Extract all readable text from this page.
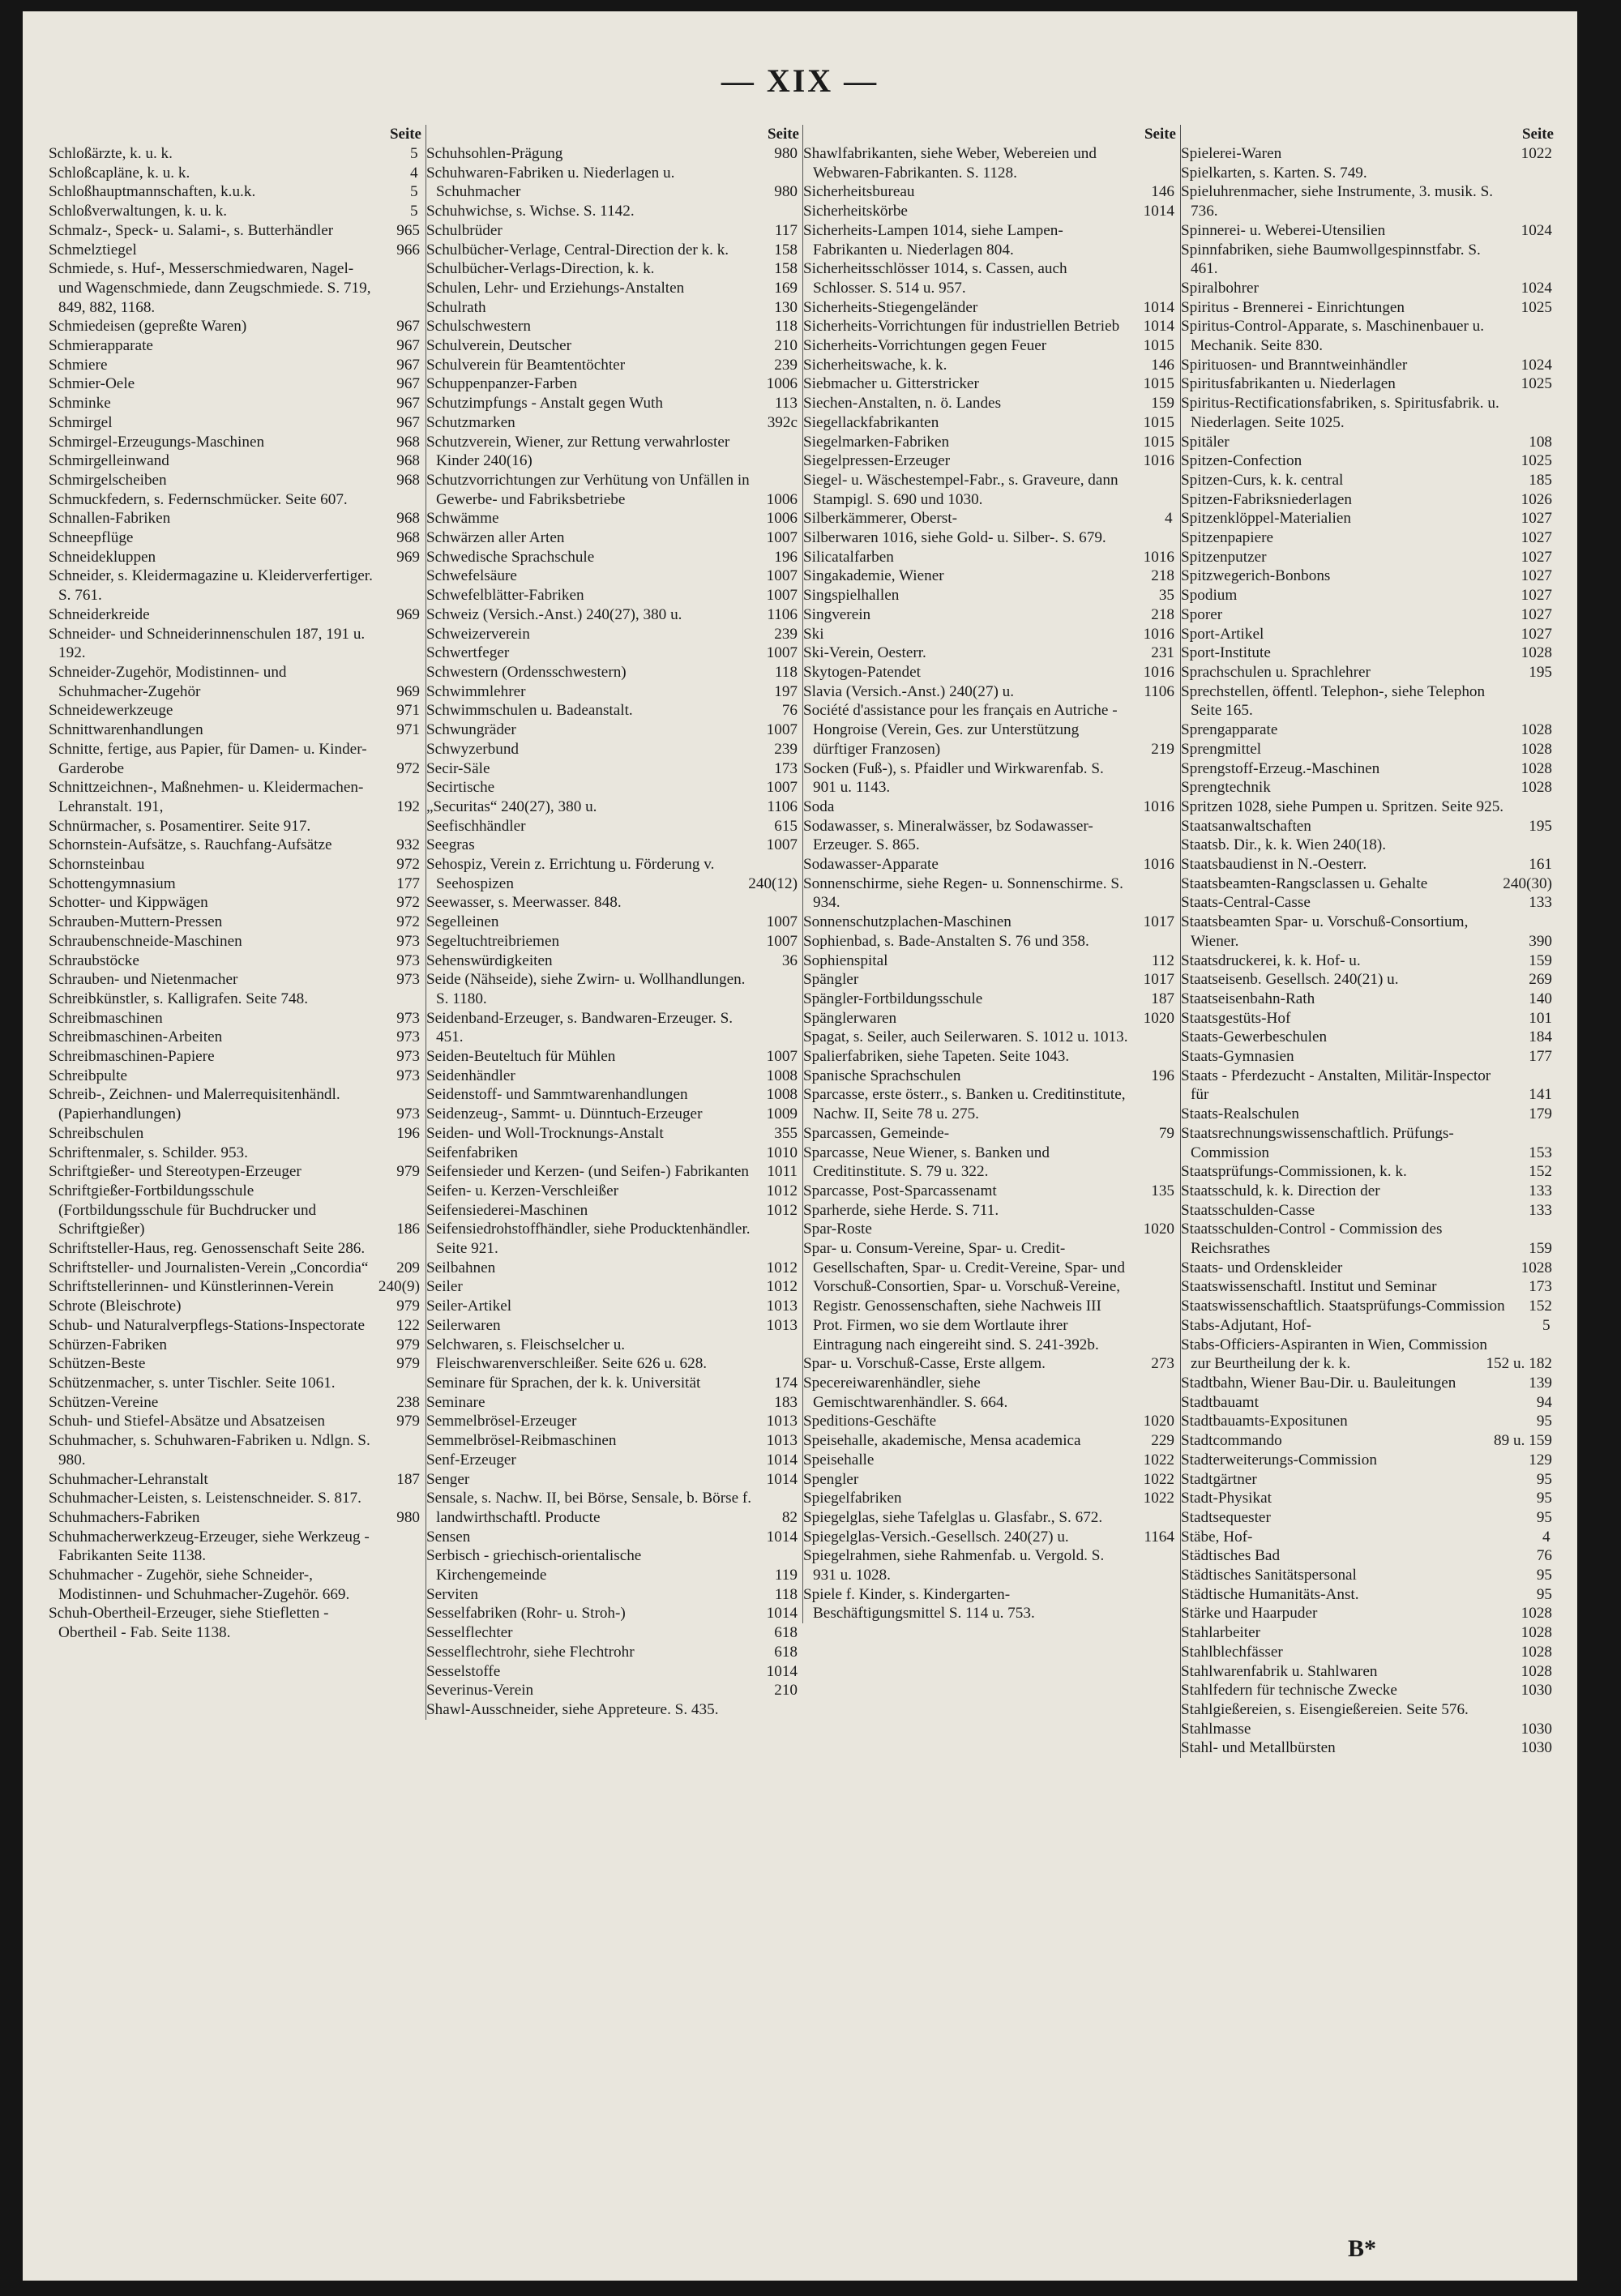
— XIX —
Seite
Schloßärzte, k. u. k.	5
Schloßcapläne, k. u. k.	4
Schloßhauptmannschaften, k.u.k.	5
Schloßverwaltungen, k. u. k.	5
Schmalz-, Speck- u. Salami-, s. Butterhändler	965
Schmelztiegel	966
Schmiede, s. Huf-, Messerschmiedwaren, Nagel- und Wagenschmiede, dann Zeugschmiede. S. 719, 849, 882, 1168.
Schmiedeisen (gepreßte Waren)	967
Schmierapparate	967
Schmiere	967
Schmier-Oele	967
Schminke	967
Schmirgel	967
Schmirgel-Erzeugungs-Maschinen	968
Schmirgelleinwand	968
Schmirgelscheiben	968
Schmuckfedern, s. Federnschmücker. Seite 607.
Schnallen-Fabriken	968
Schneepflüge	968
Schneidekluppen	969
Schneider, s. Kleidermagazine u. Kleiderverfertiger. S. 761.
Schneiderkreide	969
Schneider- und Schneiderinnenschulen 187, 191 u. 192.
Schneider-Zugehör, Modistinnen- und Schuhmacher-Zugehör	969
Schneidewerkzeuge	971
Schnittwarenhandlungen	971
Schnitte, fertige, aus Papier, für Damen- u. Kinder-Garderobe	972
Schnittzeichnen-, Maßnehmen- u. Kleidermachen-Lehranstalt. 191,	192
Schnürmacher, s. Posamentirer. Seite 917.
Schornstein-Aufsätze, s. Rauchfang-Aufsätze	932
Schornsteinbau	972
Schottengymnasium	177
Schotter- und Kippwägen	972
Schrauben-Muttern-Pressen	972
Schraubenschneide-Maschinen	973
Schraubstöcke	973
Schrauben- und Nietenmacher	973
Schreibkünstler, s. Kalligrafen. Seite 748.
Schreibmaschinen	973
Schreibmaschinen-Arbeiten	973
Schreibmaschinen-Papiere	973
Schreibpulte	973
Schreib-, Zeichnen- und Malerrequisitenhändl. (Papierhandlungen)	973
Schreibschulen	196
Schriftenmaler, s. Schilder. 953.
Schriftgießer- und Stereotypen-Erzeuger	979
Schriftgießer-Fortbildungsschule (Fortbildungsschule für Buchdrucker und Schriftgießer)	186
Schriftsteller-Haus, reg. Genossenschaft Seite 286.
Schriftsteller- und Journalisten-Verein „Concordia“ 209
Schriftstellerinnen- und Künstlerinnen-Verein	240(9)
Schrote (Bleischrote)	979
Schub- und Naturalverpflegs-Stations-Inspectorate 122
Schürzen-Fabriken	979
Schützen-Beste	979
Schützenmacher, s. unter Tischler. Seite 1061.
Schützen-Vereine	238
Schuh- und Stiefel-Absätze und Absatzeisen	979
Schuhmacher, s. Schuhwaren-Fabriken u. Ndlgn. S. 980.
Schuhmacher-Lehranstalt	187
Schuhmacher-Leisten, s. Leistenschneider. S. 817.
Schuhmachers-Fabriken	980
Schuhmacherwerkzeug-Erzeuger, siehe Werkzeug - Fabrikanten Seite 1138.
Schuhmacher - Zugehör, siehe Schneider-, Modistinnen- und Schuhmacher-Zugehör. 669.
Schuh-Obertheil-Erzeuger, siehe Stiefletten - Obertheil - Fab. Seite 1138.
Seite
Schuhsohlen-Prägung	980
Schuhwaren-Fabriken u. Niederlagen u. Schuhmacher	980
Schuhwichse, s. Wichse. S. 1142.
Schulbrüder	117
Schulbücher-Verlage, Central-Direction der k. k.	158
Schulbücher-Verlags-Direction, k. k.	158
Schulen, Lehr- und Erziehungs-Anstalten	169
Schulrath	130
Schulschwestern	118
Schulverein, Deutscher	210
Schulverein für Beamtentöchter	239
Schuppenpanzer-Farben	1006
Schutzimpfungs - Anstalt gegen Wuth	113
Schutzmarken	392c
Schutzverein, Wiener, zur Rettung verwahrloster Kinder 240(16)
Schutzvorrichtungen zur Verhütung von Unfällen in Gewerbe- und Fabriksbetriebe	1006
Schwämme	1006
Schwärzen aller Arten	1007
Schwedische Sprachschule	196
Schwefelsäure	1007
Schwefelblätter-Fabriken	1007
Schweiz (Versich.-Anst.) 240(27), 380 u.	1106
Schweizerverein	239
Schwertfeger	1007
Schwestern (Ordensschwestern)	118
Schwimmlehrer	197
Schwimmschulen u. Badeanstalt.	76
Schwungräder	1007
Schwyzerbund	239
Secir-Säle	173
Secirtische	1007
„Securitas“ 240(27), 380 u.	1106
Seefischhändler	615
Seegras	1007
Sehospiz, Verein z. Errichtung u. Förderung v. Seehospizen	240(12)
Seewasser, s. Meerwasser. 848.
Segelleinen	1007
Segeltuchtreibriemen	1007
Sehenswürdigkeiten	36
Seide (Nähseide), siehe Zwirn- u. Wollhandlungen. S. 1180.
Seidenband-Erzeuger, s. Bandwaren-Erzeuger. S. 451.
Seiden-Beuteltuch für Mühlen	1007
Seidenhändler	1008
Seidenstoff- und Sammtwarenhandlungen	1008
Seidenzeug-, Sammt- u. Dünntuch-Erzeuger	1009
Seiden- und Woll-Trocknungs-Anstalt	355
Seifenfabriken	1010
Seifensieder und Kerzen- (und Seifen-) Fabrikanten 1011
Seifen- u. Kerzen-Verschleißer	1012
Seifensiederei-Maschinen	1012
Seifensiedrohstoffhändler, siehe Producktenhändler. Seite 921.
Seilbahnen	1012
Seiler	1012
Seiler-Artikel	1013
Seilerwaren	1013
Selchwaren, s. Fleischselcher u. Fleischwarenverschleißer. Seite 626 u. 628.
Seminare für Sprachen, der k. k. Universität	174
Seminare	183
Semmelbrösel-Erzeuger	1013
Semmelbrösel-Reibmaschinen	1013
Senf-Erzeuger	1014
Senger	1014
Sensale, s. Nachw. II, bei Börse, Sensale, b. Börse f. landwirthschaftl. Producte	82
Sensen	1014
Serbisch - griechisch-orientalische Kirchengemeinde	119
Serviten	118
Sesselfabriken (Rohr- u. Stroh-)	1014
Sesselflechter	618
Sesselflechtrohr, siehe Flechtrohr	618
Sesselstoffe	1014
Severinus-Verein	210
Shawl-Ausschneider, siehe Appreteure. S. 435.
Seite
Shawlfabrikanten, siehe Weber, Webereien und Webwaren-Fabrikanten. S. 1128.
Sicherheitsbureau	146
Sicherheitskörbe	1014
Sicherheits-Lampen 1014, siehe Lampen-Fabrikanten u. Niederlagen 804.
Sicherheitsschlösser 1014, s. Cassen, auch Schlosser. S. 514 u. 957.
Sicherheits-Stiegengeländer	1014
Sicherheits-Vorrichtungen für industriellen Betrieb 1014
Sicherheits-Vorrichtungen gegen Feuer	1015
Sicherheitswache, k. k.	146
Siebmacher u. Gitterstricker	1015
Siechen-Anstalten, n. ö. Landes	159
Siegellackfabrikanten	1015
Siegelmarken-Fabriken	1015
Siegelpressen-Erzeuger	1016
Siegel- u. Wäschestempel-Fabr., s. Graveure, dann Stampigl. S. 690 und 1030.
Silberkämmerer, Oberst-	4
Silberwaren 1016, siehe Gold- u. Silber-. S. 679.
Silicatalfarben	1016
Singakademie, Wiener	218
Singspielhallen	35
Singverein	218
Ski	1016
Ski-Verein, Oesterr.	231
Skytogen-Patendet	1016
Slavia (Versich.-Anst.) 240(27) u.	1106
Société d'assistance pour les français en Autriche - Hongroise (Verein, Ges. zur Unterstützung dürftiger Franzosen)	219
Socken (Fuß-), s. Pfaidler und Wirkwarenfab. S. 901 u. 1143.
Soda	1016
Sodawasser, s. Mineralwässer, bz Sodawasser-Erzeuger. S. 865.
Sodawasser-Apparate	1016
Sonnenschirme, siehe Regen- u. Sonnenschirme. S. 934.
Sonnenschutzplachen-Maschinen	1017
Sophienbad, s. Bade-Anstalten S. 76 und 358.
Sophienspital	112
Spängler	1017
Spängler-Fortbildungsschule	187
Spänglerwaren	1020
Spagat, s. Seiler, auch Seilerwaren. S. 1012 u. 1013.
Spalierfabriken, siehe Tapeten. Seite 1043.
Spanische Sprachschulen	196
Sparcasse, erste österr., s. Banken u. Creditinstitute, Nachw. II, Seite 78 u. 275.
Sparcassen, Gemeinde-	79
Sparcasse, Neue Wiener, s. Banken und Creditinstitute. S. 79 u. 322.
Sparcasse, Post-Sparcassenamt	135
Sparherde, siehe Herde. S. 711.
Spar-Roste	1020
Spar- u. Consum-Vereine, Spar- u. Credit-Gesellschaften, Spar- u. Credit-Vereine, Spar- und Vorschuß-Consortien, Spar- u. Vorschuß-Vereine, Registr. Genossenschaften, siehe Nachweis III Prot. Firmen, wo sie dem Wortlaute ihrer Eintragung nach eingereiht sind. S. 241-392b.
Spar- u. Vorschuß-Casse, Erste allgem.	273
Specereiwarenhändler, siehe Gemischtwarenhändler. S. 664.
Speditions-Geschäfte	1020
Speisehalle, akademische, Mensa academica	229
Speisehalle	1022
Spengler	1022
Spiegelfabriken	1022
Spiegelglas, siehe Tafelglas u. Glasfabr., S. 672.
Spiegelglas-Versich.-Gesellsch. 240(27) u.	1164
Spiegelrahmen, siehe Rahmenfab. u. Vergold. S. 931 u. 1028.
Spiele f. Kinder, s. Kindergarten-Beschäftigungsmittel S. 114 u. 753.
Seite
Spielerei-Waren	1022
Spielkarten, s. Karten. S. 749.
Spieluhrenmacher, siehe Instrumente, 3. musik. S. 736.
Spinnerei- u. Weberei-Utensilien	1024
Spinnfabriken, siehe Baumwollgespinnstfabr. S. 461.
Spiralbohrer	1024
Spiritus - Brennerei - Einrichtungen	1025
Spiritus-Control-Apparate, s. Maschinenbauer u. Mechanik. Seite 830.
Spirituosen- und Branntweinhändler	1024
Spiritusfabrikanten u. Niederlagen	1025
Spiritus-Rectificationsfabriken, s. Spiritusfabrik. u. Niederlagen. Seite 1025.
Spitäler	108
Spitzen-Confection	1025
Spitzen-Curs, k. k. central	185
Spitzen-Fabriksniederlagen	1026
Spitzenklöppel-Materialien	1027
Spitzenpapiere	1027
Spitzenputzer	1027
Spitzwegerich-Bonbons	1027
Spodium	1027
Sporer	1027
Sport-Artikel	1027
Sport-Institute	1028
Sprachschulen u. Sprachlehrer	195
Sprechstellen, öffentl. Telephon-, siehe Telephon Seite 165.
Sprengapparate	1028
Sprengmittel	1028
Sprengstoff-Erzeug.-Maschinen	1028
Sprengtechnik	1028
Spritzen 1028, siehe Pumpen u. Spritzen. Seite 925.
Staatsanwaltschaften	195
Staatsb. Dir., k. k. Wien 240(18).
Staatsbaudienst in N.-Oesterr.	161
Staatsbeamten-Rangsclassen u. Gehalte	240(30)
Staats-Central-Casse	133
Staatsbeamten Spar- u. Vorschuß-Consortium, Wiener.	390
Staatsdruckerei, k. k. Hof- u.	159
Staatseisenb. Gesellsch. 240(21) u.	269
Staatseisenbahn-Rath	140
Staatsgestüts-Hof	101
Staats-Gewerbeschulen	184
Staats-Gymnasien	177
Staats - Pferdezucht - Anstalten, Militär-Inspector für	141
Staats-Realschulen	179
Staatsrechnungswissenschaftlich. Prüfungs-Commission	153
Staatsprüfungs-Commissionen, k. k.	152
Staatsschuld, k. k. Direction der	133
Staatsschulden-Casse	133
Staatsschulden-Control - Commission des Reichsrathes	159
Staats- und Ordenskleider	1028
Staatswissenschaftl. Institut und Seminar	173
Staatswissenschaftlich. Staatsprüfungs-Commission 152
Stabs-Adjutant, Hof-	5
Stabs-Officiers-Aspiranten in Wien, Commission zur Beurtheilung der k. k.	152 u. 182
Stadtbahn, Wiener Bau-Dir. u. Bauleitungen	139
Stadtbauamt	94
Stadtbauamts-Expositunen	95
Stadtcommando	89 u. 159
Stadterweiterungs-Commission	129
Stadtgärtner	95
Stadt-Physikat	95
Stadtsequester	95
Stäbe, Hof-	4
Städtisches Bad	76
Städtisches Sanitätspersonal	95
Städtische Humanitäts-Anst.	95
Stärke und Haarpuder	1028
Stahlarbeiter	1028
Stahlblechfässer	1028
Stahlwarenfabrik u. Stahlwaren	1028
Stahlfedern für technische Zwecke	1030
Stahlgießereien, s. Eisengießereien. Seite 576.
Stahlmasse	1030
Stahl- und Metallbürsten	1030
B*
